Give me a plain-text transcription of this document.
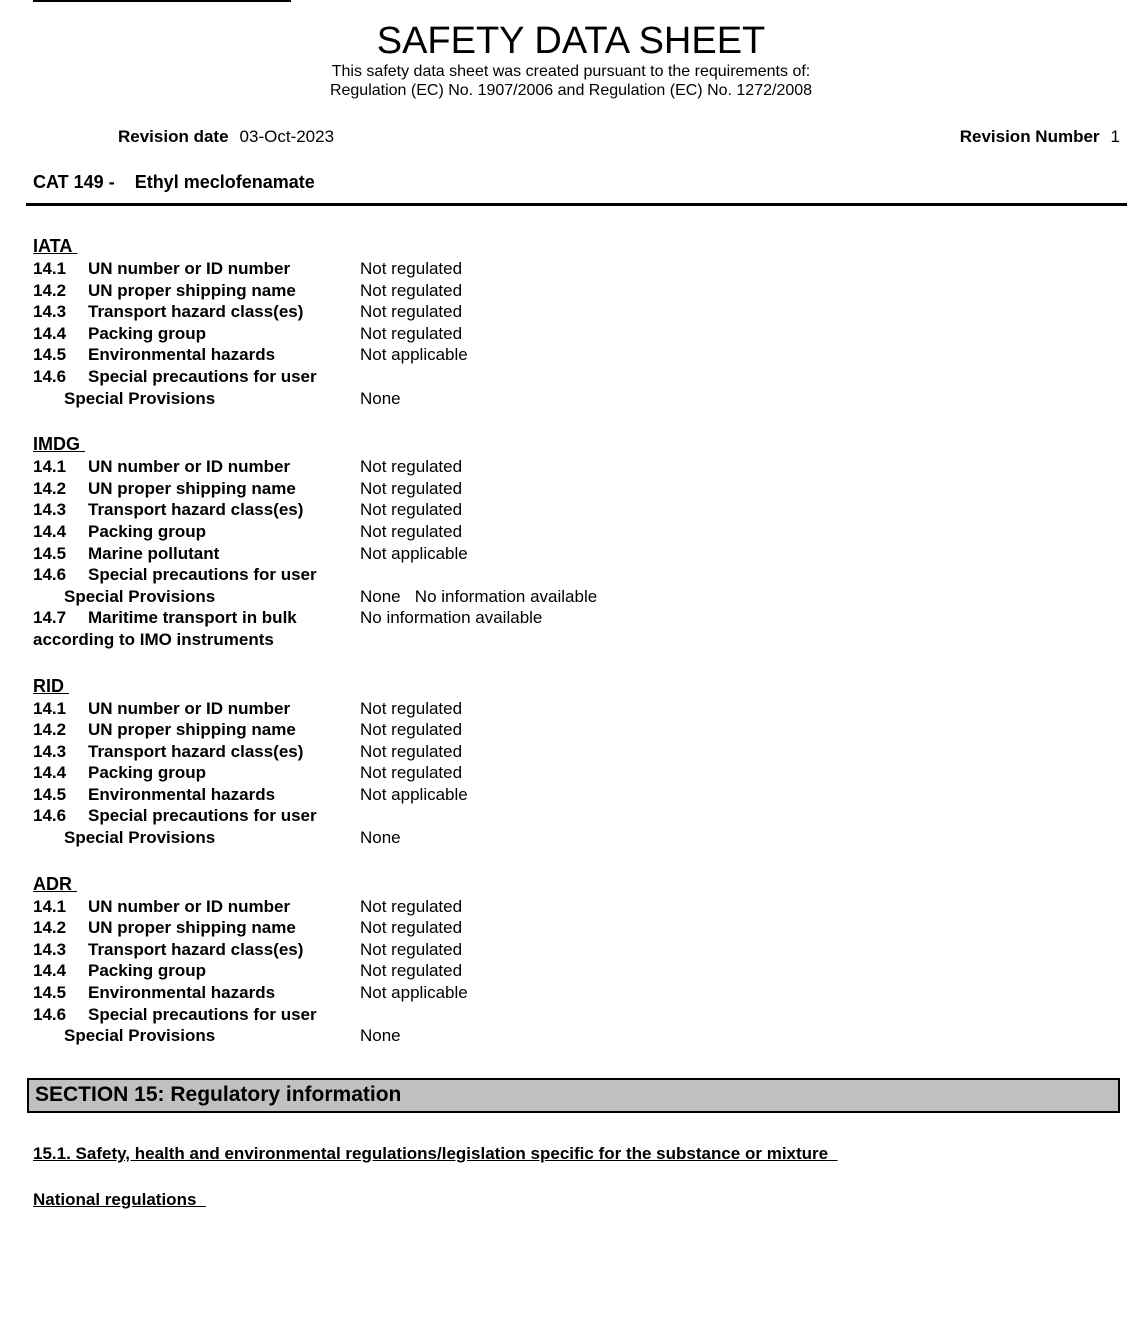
SAFETY DATA SHEET
This safety data sheet was created pursuant to the requirements of:
Regulation (EC) No. 1907/2006 and Regulation (EC) No. 1272/2008
Revision date 03-Oct-2023	Revision Number 1
CAT 149 - Ethyl meclofenamate
IATA
14.1 UN number or ID number	Not regulated
14.2 UN proper shipping name	Not regulated
14.3 Transport hazard class(es)	Not regulated
14.4 Packing group	Not regulated
14.5 Environmental hazards	Not applicable
14.6 Special precautions for user
Special Provisions	None
IMDG
14.1 UN number or ID number	Not regulated
14.2 UN proper shipping name	Not regulated
14.3 Transport hazard class(es)	Not regulated
14.4 Packing group	Not regulated
14.5 Marine pollutant	Not applicable
14.6 Special precautions for user
Special Provisions	None   No information available
14.7 Maritime transport in bulk	No information available
according to IMO instruments
RID
14.1 UN number or ID number	Not regulated
14.2 UN proper shipping name	Not regulated
14.3 Transport hazard class(es)	Not regulated
14.4 Packing group	Not regulated
14.5 Environmental hazards	Not applicable
14.6 Special precautions for user
Special Provisions	None
ADR
14.1 UN number or ID number	Not regulated
14.2 UN proper shipping name	Not regulated
14.3 Transport hazard class(es)	Not regulated
14.4 Packing group	Not regulated
14.5 Environmental hazards	Not applicable
14.6 Special precautions for user
Special Provisions	None
SECTION 15: Regulatory information
15.1. Safety, health and environmental regulations/legislation specific for the substance or mixture
National regulations
